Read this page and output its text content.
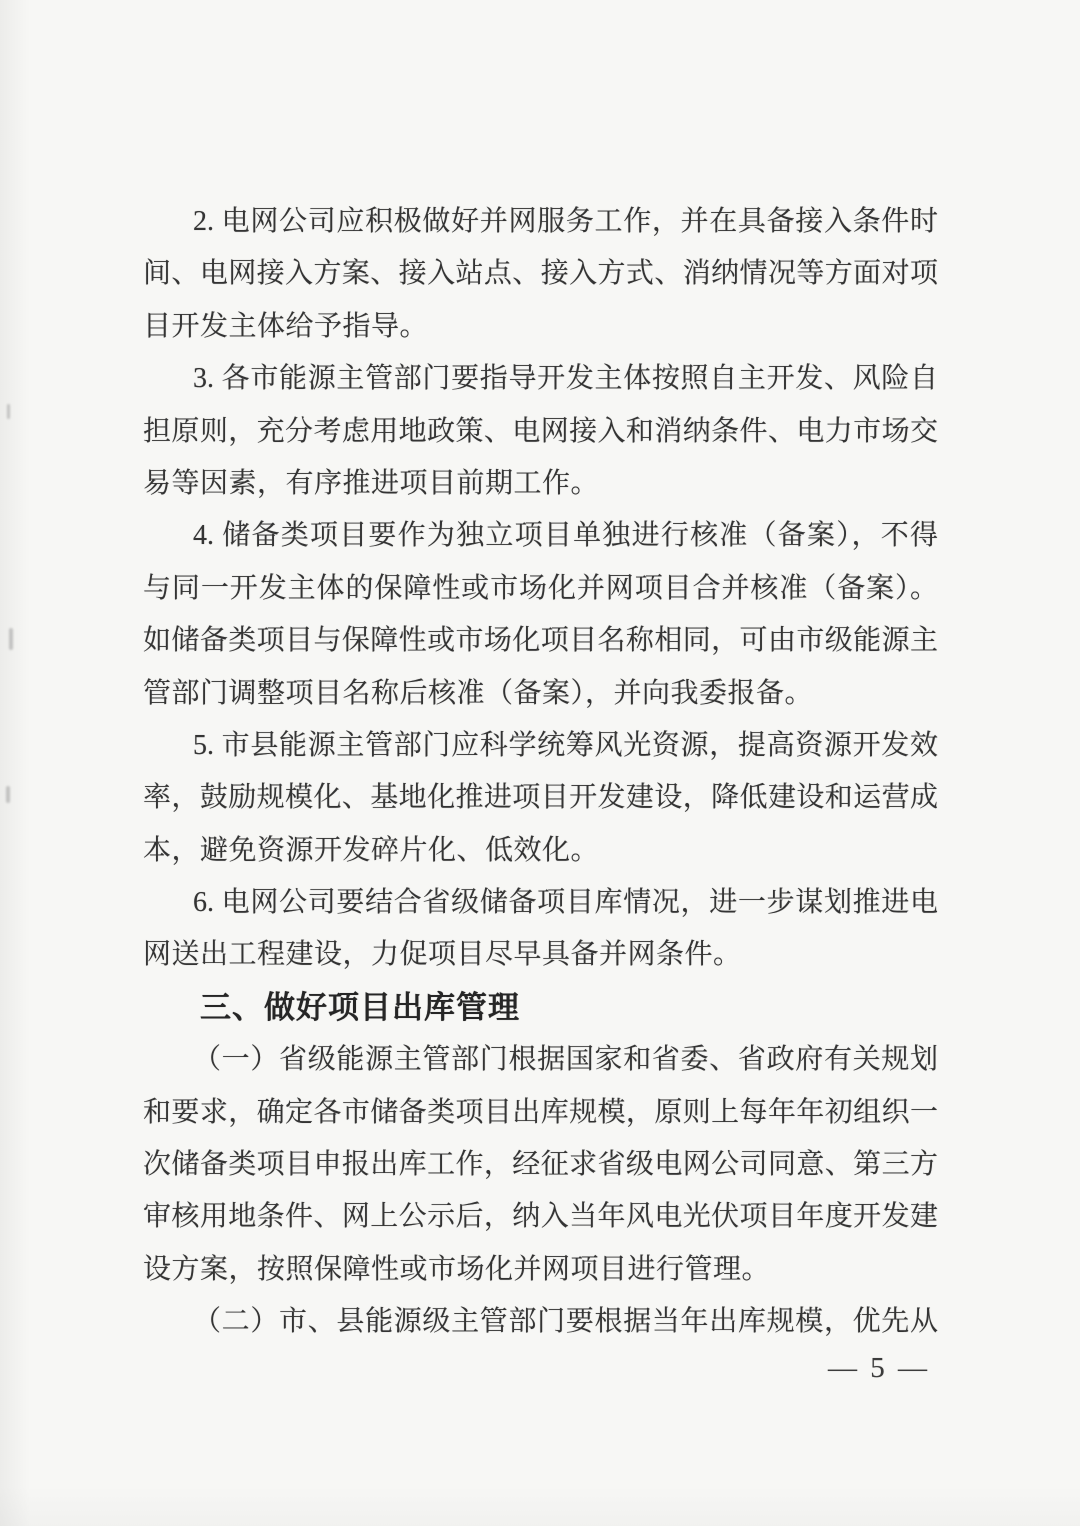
2. 电网公司应积极做好并网服务工作，并在具备接入条件时
间、电网接入方案、接入站点、接入方式、消纳情况等方面对项
目开发主体给予指导。
3. 各市能源主管部门要指导开发主体按照自主开发、风险自
担原则，充分考虑用地政策、电网接入和消纳条件、电力市场交
易等因素，有序推进项目前期工作。
4. 储备类项目要作为独立项目单独进行核准（备案），不得
与同一开发主体的保障性或市场化并网项目合并核准（备案）。
如储备类项目与保障性或市场化项目名称相同，可由市级能源主
管部门调整项目名称后核准（备案），并向我委报备。
5. 市县能源主管部门应科学统筹风光资源，提高资源开发效
率，鼓励规模化、基地化推进项目开发建设，降低建设和运营成
本，避免资源开发碎片化、低效化。
6. 电网公司要结合省级储备项目库情况，进一步谋划推进电
网送出工程建设，力促项目尽早具备并网条件。
三、做好项目出库管理
（一）省级能源主管部门根据国家和省委、省政府有关规划
和要求，确定各市储备类项目出库规模，原则上每年年初组织一
次储备类项目申报出库工作，经征求省级电网公司同意、第三方
审核用地条件、网上公示后，纳入当年风电光伏项目年度开发建
设方案，按照保障性或市场化并网项目进行管理。
（二）市、县能源级主管部门要根据当年出库规模，优先从
— 5 —
